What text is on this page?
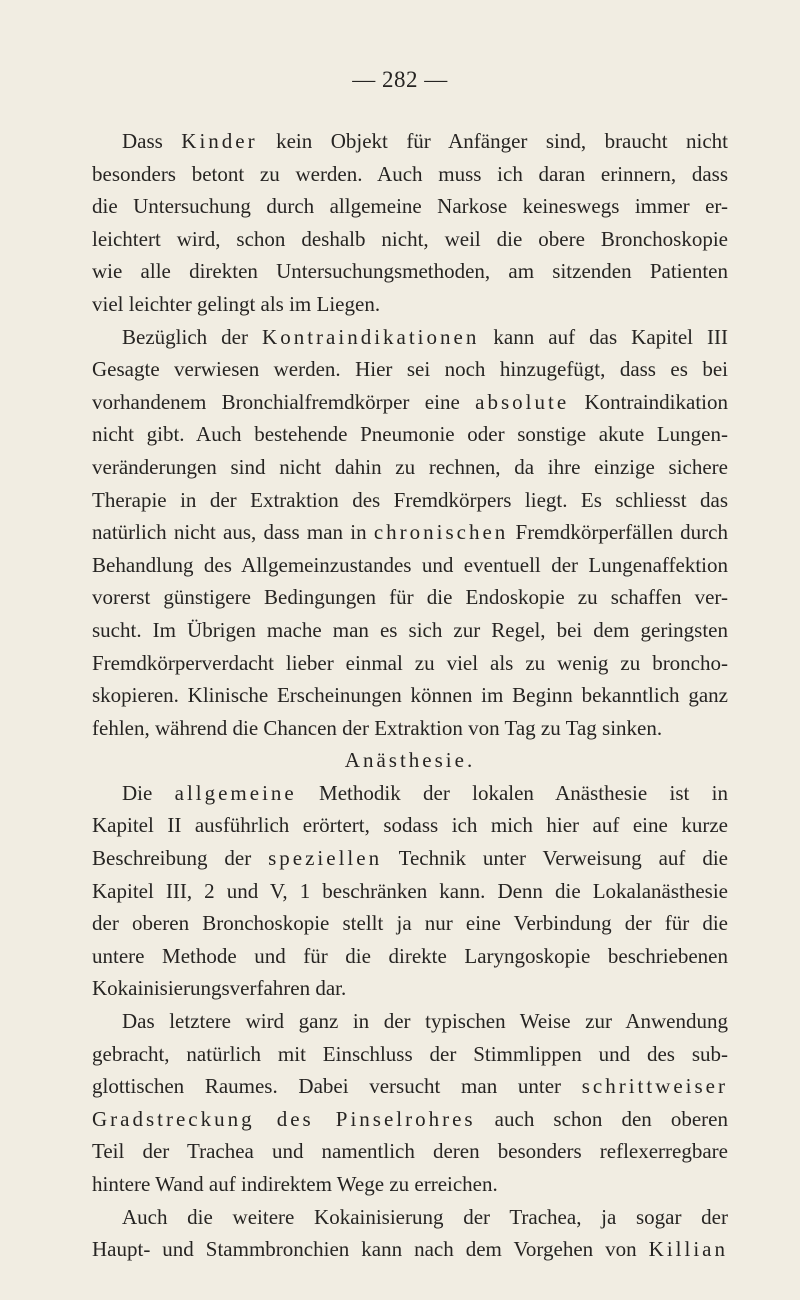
— 282 —
Dass Kinder kein Objekt für Anfänger sind, braucht nicht
besonders betont zu werden. Auch muss ich daran erinnern, dass
die Untersuchung durch allgemeine Narkose keineswegs immer er-
leichtert wird, schon deshalb nicht, weil die obere Bronchoskopie
wie alle direkten Untersuchungsmethoden, am sitzenden Patienten
viel leichter gelingt als im Liegen.
Bezüglich der Kontraindikationen kann auf das Kapitel III
Gesagte verwiesen werden. Hier sei noch hinzugefügt, dass es bei
vorhandenem Bronchialfremdkörper eine absolute Kontraindikation
nicht gibt. Auch bestehende Pneumonie oder sonstige akute Lungen-
veränderungen sind nicht dahin zu rechnen, da ihre einzige sichere
Therapie in der Extraktion des Fremdkörpers liegt. Es schliesst das
natürlich nicht aus, dass man in chronischen Fremdkörperfällen durch
Behandlung des Allgemeinzustandes und eventuell der Lungenaffektion
vorerst günstigere Bedingungen für die Endoskopie zu schaffen ver-
sucht. Im Übrigen mache man es sich zur Regel, bei dem geringsten
Fremdkörperverdacht lieber einmal zu viel als zu wenig zu broncho-
skopieren. Klinische Erscheinungen können im Beginn bekanntlich ganz
fehlen, während die Chancen der Extraktion von Tag zu Tag sinken.
Anästhesie.
Die allgemeine Methodik der lokalen Anästhesie ist in
Kapitel II ausführlich erörtert, sodass ich mich hier auf eine kurze
Beschreibung der speziellen Technik unter Verweisung auf die
Kapitel III, 2 und V, 1 beschränken kann. Denn die Lokalanästhesie
der oberen Bronchoskopie stellt ja nur eine Verbindung der für die
untere Methode und für die direkte Laryngoskopie beschriebenen
Kokainisierungsverfahren dar.
Das letztere wird ganz in der typischen Weise zur Anwendung
gebracht, natürlich mit Einschluss der Stimmlippen und des sub-
glottischen Raumes. Dabei versucht man unter schrittweiser
Gradstreckung des Pinselrohres auch schon den oberen
Teil der Trachea und namentlich deren besonders reflexerregbare
hintere Wand auf indirektem Wege zu erreichen.
Auch die weitere Kokainisierung der Trachea, ja sogar der
Haupt- und Stammbronchien kann nach dem Vorgehen von Killian
